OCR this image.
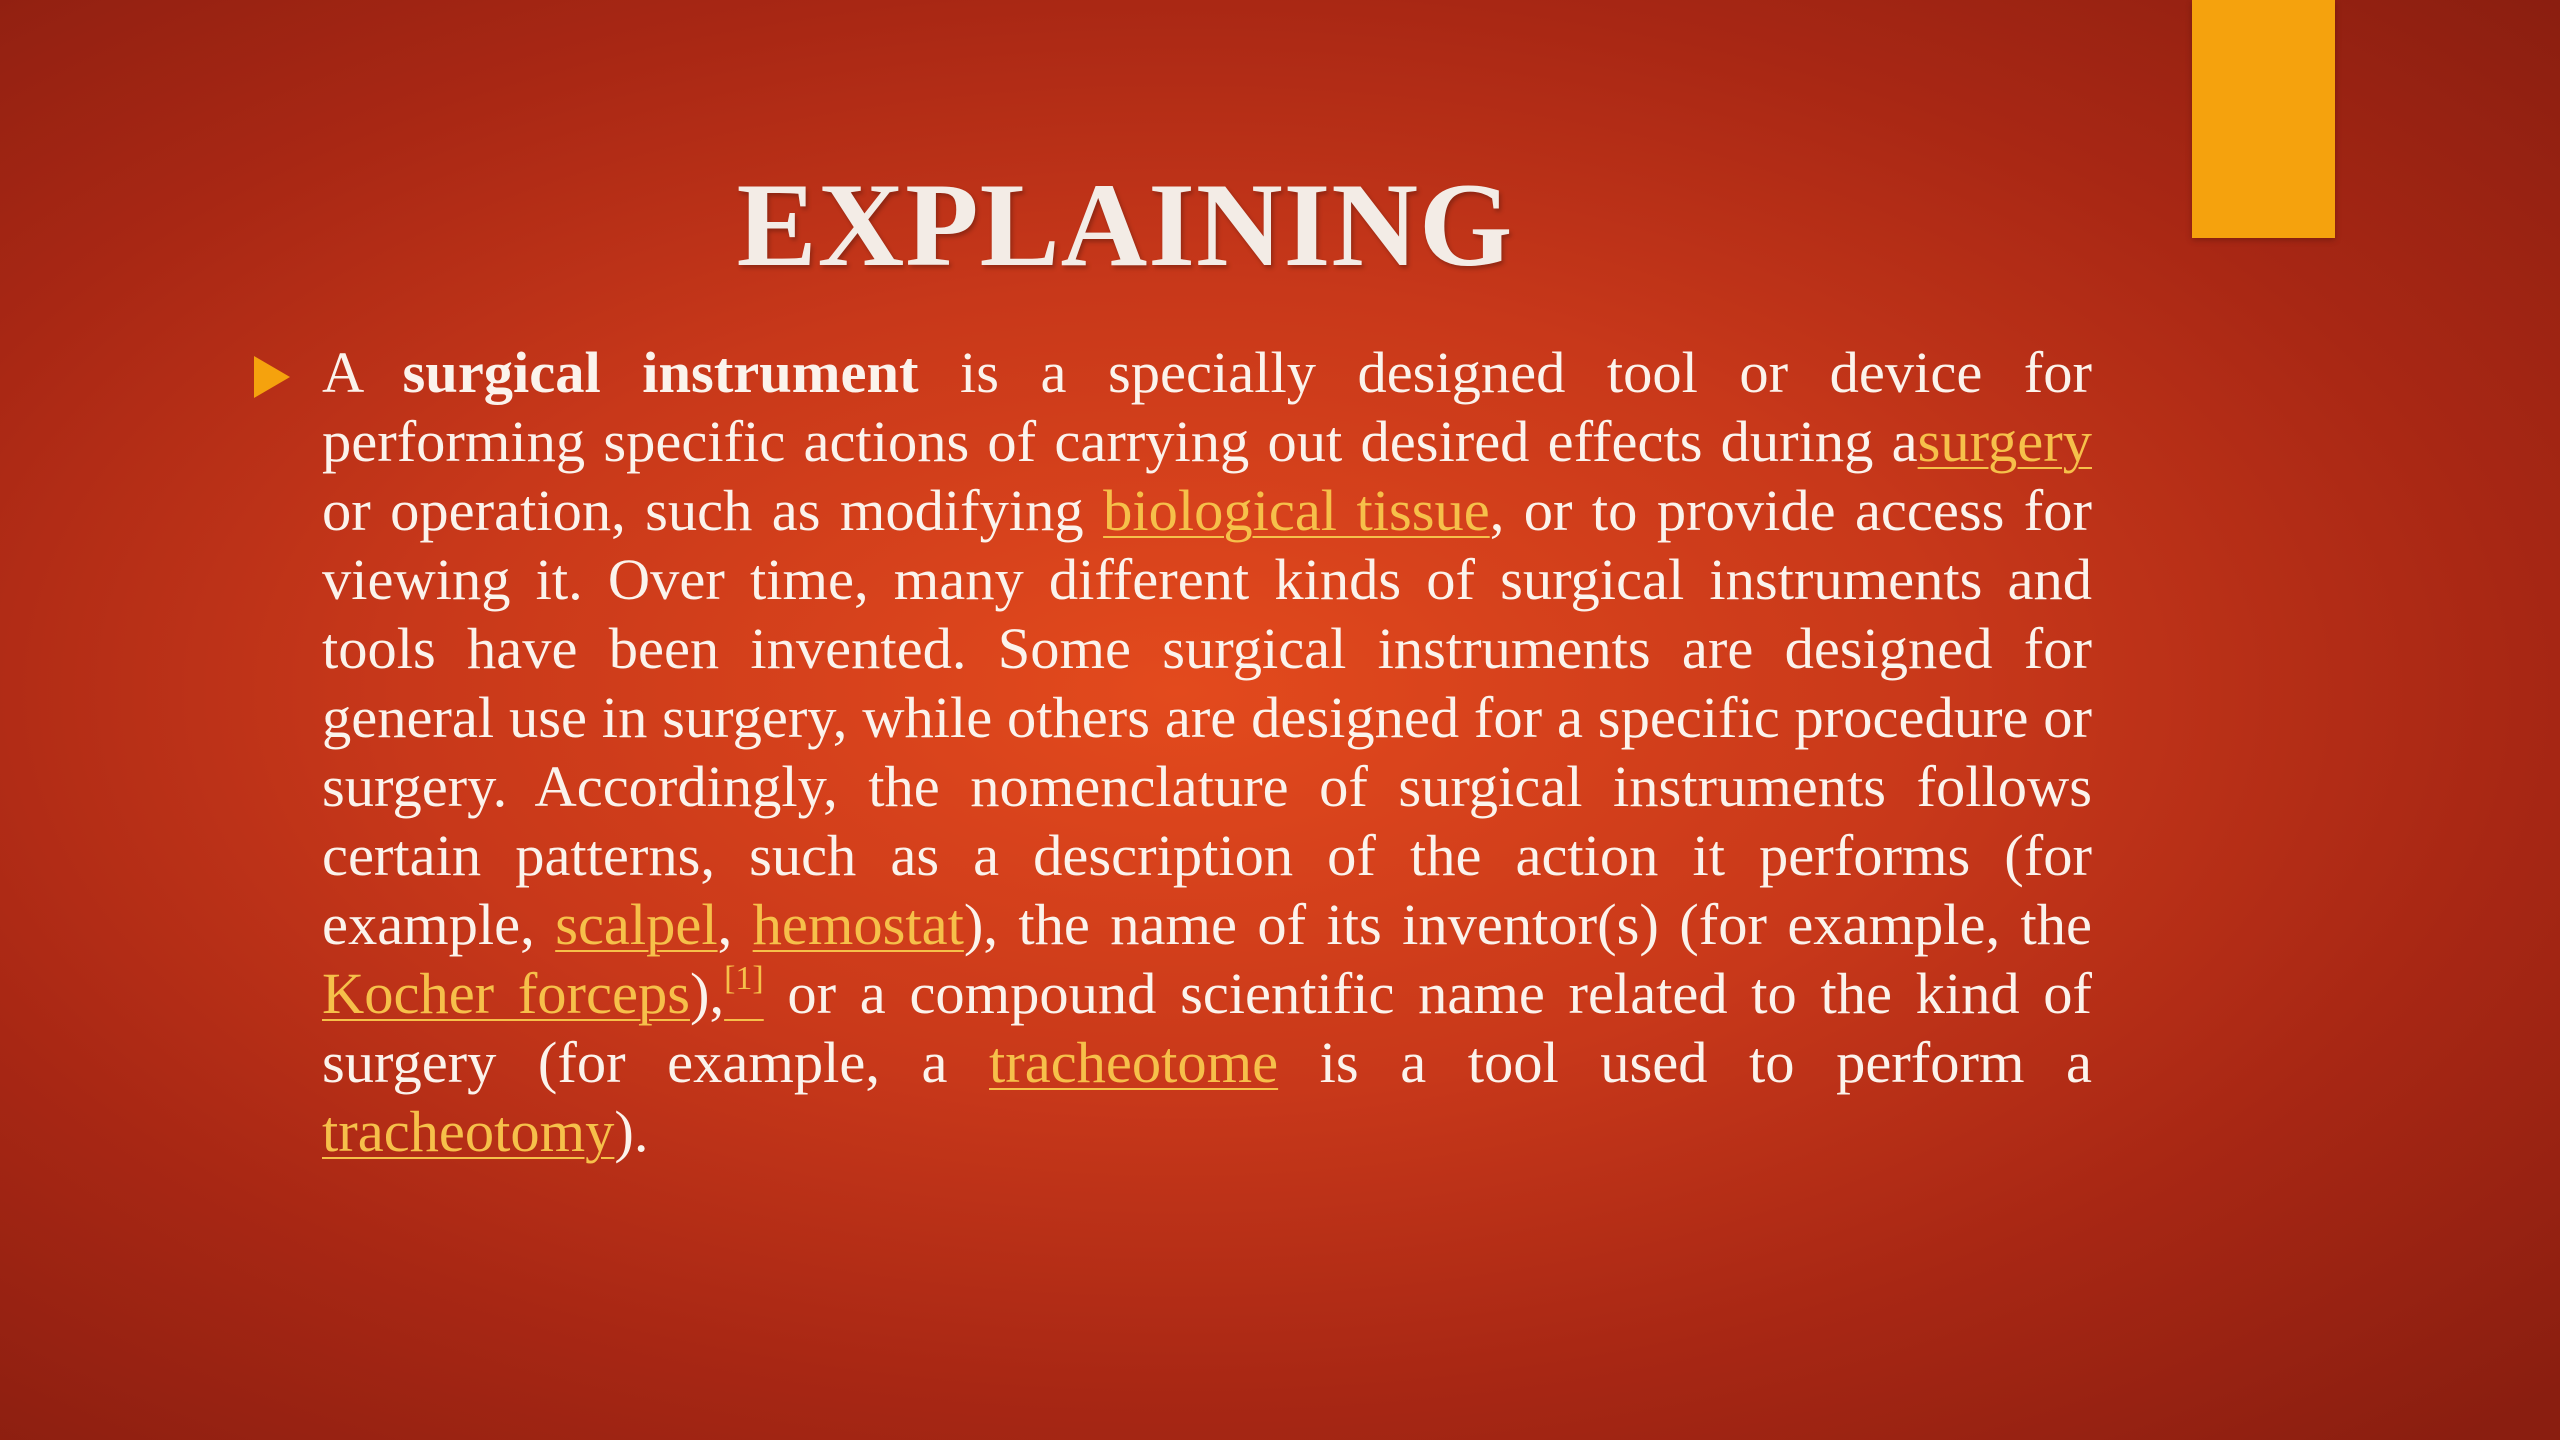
EXPLAINING

A surgical instrument is a specially designed tool or device for performing specific actions of carrying out desired effects during asurgery or operation, such as modifying biological tissue, or to provide access for viewing it. Over time, many different kinds of surgical instruments and tools have been invented. Some surgical instruments are designed for general use in surgery, while others are designed for a specific procedure or surgery. Accordingly, the nomenclature of surgical instruments follows certain patterns, such as a description of the action it performs (for example, scalpel, hemostat), the name of its inventor(s) (for example, the Kocher forceps),[1] or a compound scientific name related to the kind of surgery (for example, a tracheotome is a tool used to perform a tracheotomy).
